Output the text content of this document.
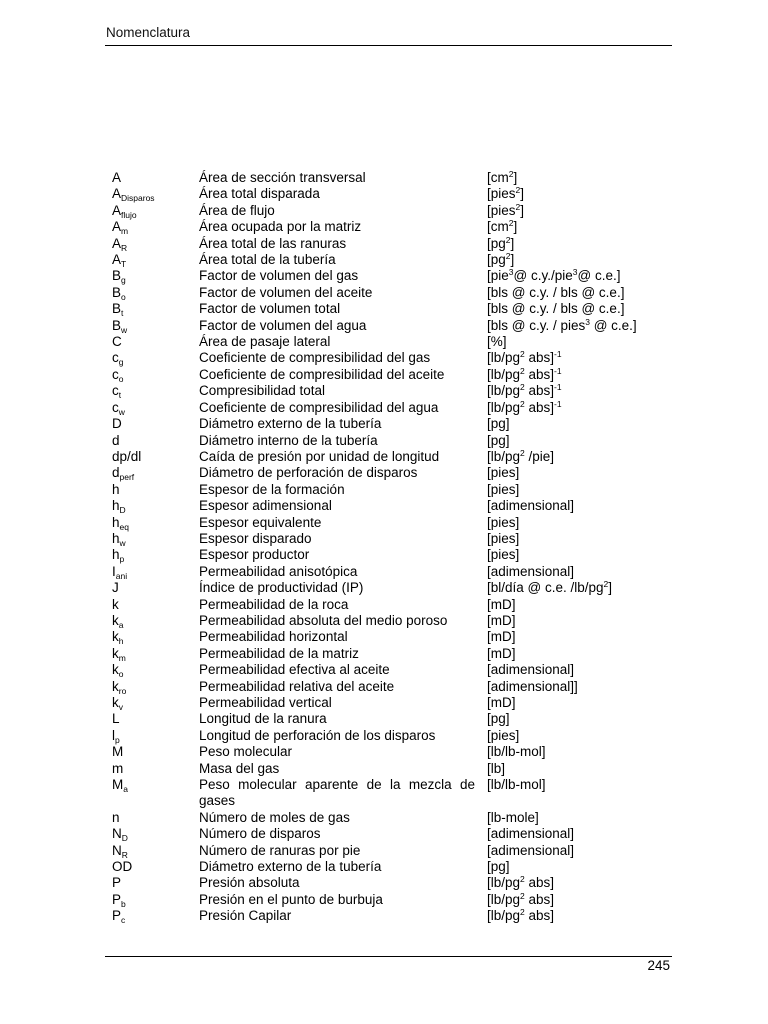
Nomenclatura
A	Área de sección transversal	$[cm^2]$
$A_{Disparos}$	Área total disparada	[pies$^2$]
$A_{flujo}$	Área de flujo	[pies$^2$]
$A_m$	Área ocupada por la matriz	$[cm^2]$
$A_R$	Área total de las ranuras	$[pg^2]$
$A_T$	Área total de la tubería	$[pg^2]$
$B_g$	Factor de volumen del gas	[pie$^3$@ c.y./pie$^3$@ c.e.]
$B_o$	Factor de volumen del aceite	[bls @ c.y. / bls @ c.e.]
$B_t$	Factor de volumen total	[bls @ c.y. / bls @ c.e.]
$B_w$	Factor de volumen del agua	[bls @ c.y. / pies$^3$ @ c.e.]
C	Área de pasaje lateral	[%]
$c_g$	Coeficiente de compresibilidad del gas	[$lb/pg^2$ abs]$^{-1}$
$c_o$	Coeficiente de compresibilidad del aceite	[$lb/pg^2$ abs]$^{-1}$
$c_t$	Compresibilidad total	[$lb/pg^2$ abs]$^{-1}$
$c_w$	Coeficiente de compresibilidad del agua	[$lb/pg^2$ abs]$^{-1}$
D	Diámetro externo de la tubería	[pg]
d	Diámetro interno de la tubería	[pg]
dp/dl	Caída de presión por unidad de longitud	[$lb/pg^2$ /pie]
$d_{perf}$	Diámetro de perforación de disparos	[pies]
h	Espesor de la formación	[pies]
$h_D$	Espesor adimensional	[adimensional]
$h_{eq}$	Espesor equivalente	[pies]
$h_w$	Espesor disparado	[pies]
$h_p$	Espesor productor	[pies]
$I_{ani}$	Permeabilidad anisotópica	[adimensional]
J	Índice de productividad (IP)	[bl/día @ c.e. $/lb/pg^2$]
k	Permeabilidad de la roca	[mD]
$k_a$	Permeabilidad absoluta del medio poroso	[mD]
$k_h$	Permeabilidad horizontal	[mD]
$k_m$	Permeabilidad de la matriz	[mD]
$k_o$	Permeabilidad efectiva al aceite	[adimensional]
$k_{ro}$	Permeabilidad relativa del aceite	[adimensional]]
$k_v$	Permeabilidad vertical	[mD]
L	Longitud de la ranura	[pg]
$l_p$	Longitud de perforación de los disparos	[pies]
M	Peso molecular	[lb/lb-mol]
m	Masa del gas	[lb]
$M_a$	Peso molecular aparente de la mezcla de gases	[lb/lb-mol]
n	Número de moles de gas	[lb-mole]
$N_D$	Número de disparos	[adimensional]
$N_R$	Número de ranuras por pie	[adimensional]
OD	Diámetro externo de la tubería	[pg]
P	Presión absoluta	[$lb/pg^2$ abs]
$P_b$	Presión en el punto de burbuja	[$lb/pg^2$ abs]
$P_c$	Presión Capilar	[$lb/pg^2$ abs]
245
